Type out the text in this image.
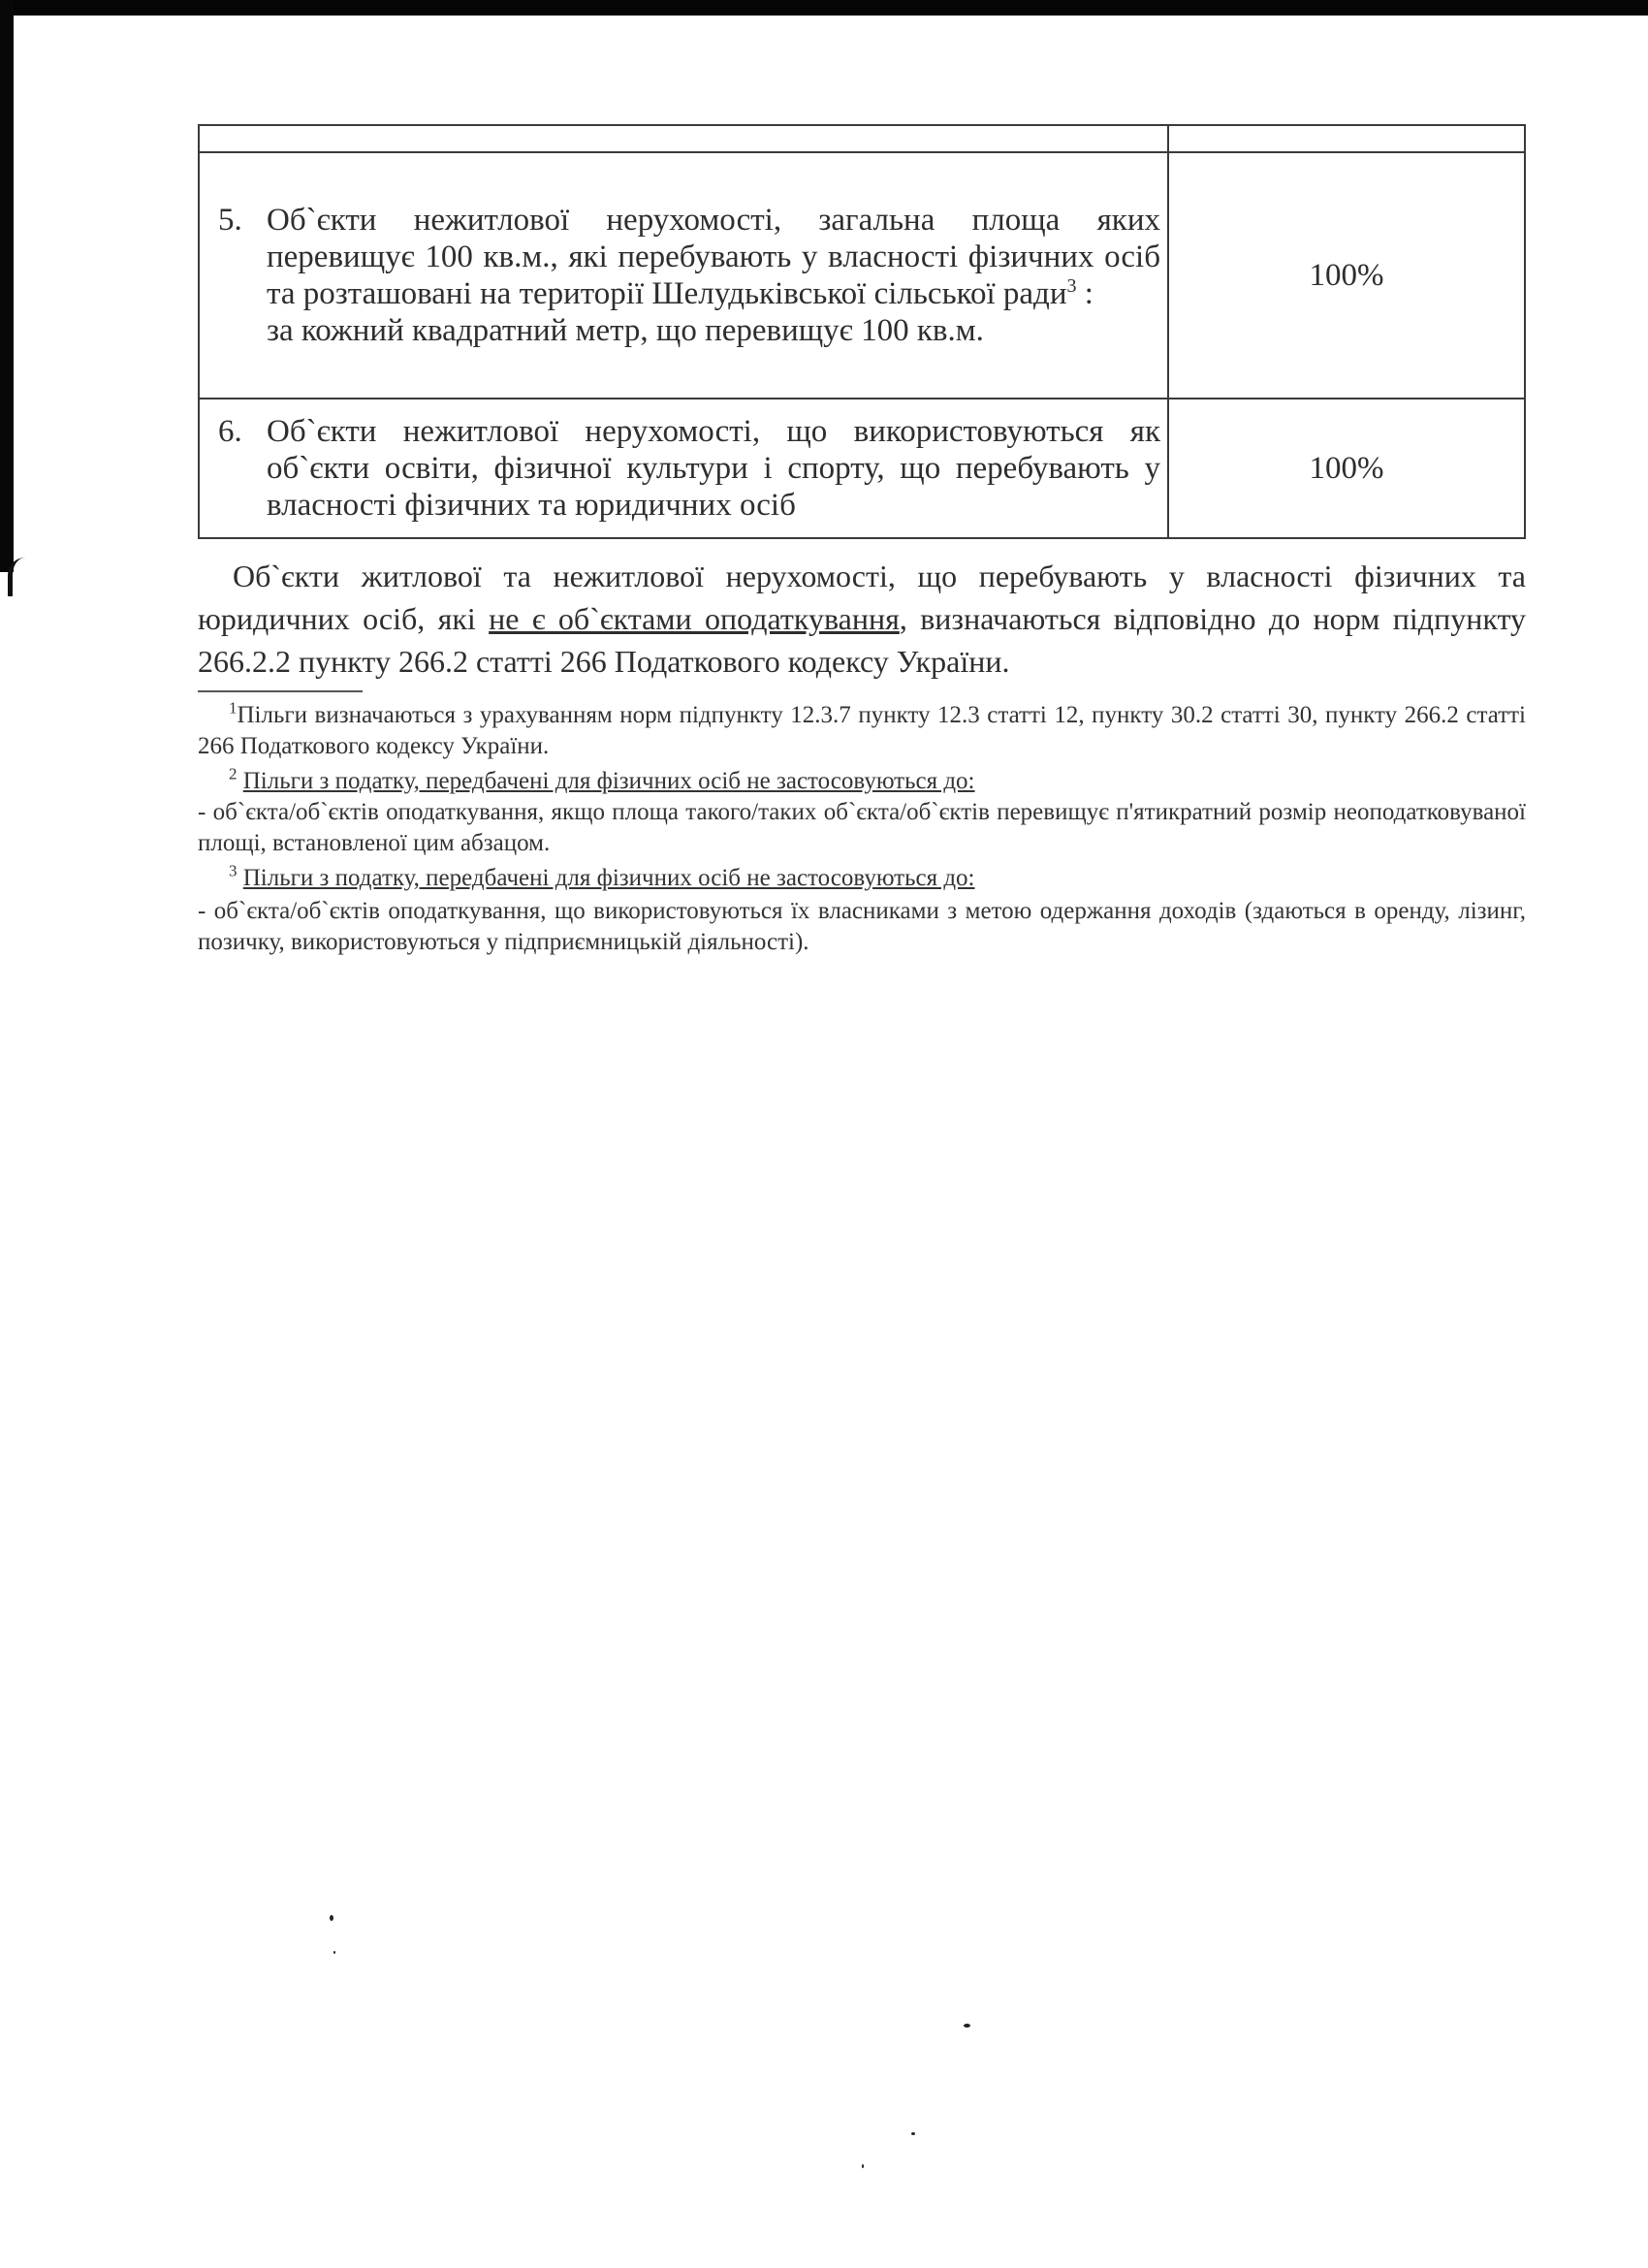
5. Об`єкти нежитлової нерухомості, загальна площа яких перевищує 100 кв.м., які перебувають у власності фізичних осіб та розташовані на території Шелудьківської сільської ради$^3$ :
за кожний квадратний метр, що перевищує 100 кв.м.	100%

6. Об`єкти нежитлової нерухомості, що використовуються як об`єкти освіти, фізичної культури і спорту, що перебувають у власності фізичних та юридичних осіб	100%

Об`єкти житлової та нежитлової нерухомості, що перебувають у власності фізичних та юридичних осіб, які не є об`єктами оподаткування, визначаються відповідно до норм підпункту 266.2.2 пункту 266.2 статті 266 Податкового кодексу України.

$^1$Пільги визначаються з урахуванням норм підпункту 12.3.7 пункту 12.3 статті 12, пункту 30.2 статті 30, пункту 266.2 статті 266 Податкового кодексу України.

$^2$ Пільги з податку, передбачені для фізичних осіб не застосовуються до:

- об`єкта/об`єктів оподаткування, якщо площа такого/таких об`єкта/об`єктів перевищує п'ятикратний розмір неоподатковуваної площі, встановленої цим абзацом.

$^3$ Пільги з податку, передбачені для фізичних осіб не застосовуються до:

- об`єкта/об`єктів оподаткування, що використовуються їх власниками з метою одержання доходів (здаються в оренду, лізинг, позичку, використовуються у підприємницькій діяльності).
